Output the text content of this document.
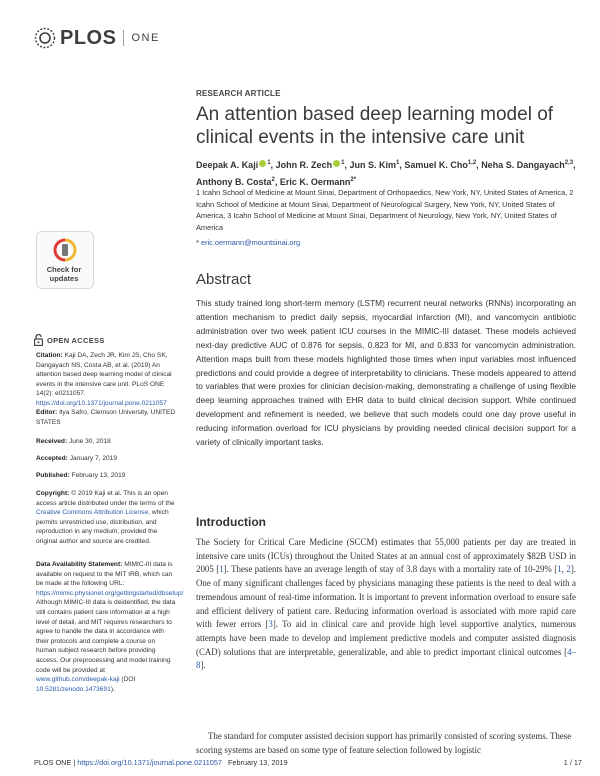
PLOS ONE
RESEARCH ARTICLE
An attention based deep learning model of clinical events in the intensive care unit
Deepak A. Kaji $^1$, John R. Zech $^1$, Jun S. Kim$^1$, Samuel K. Cho$^{1,2}$, Neha S. Dangayach$^{2,3}$, Anthony B. Costa$^2$, Eric K. Oermann$^{2*}$
1 Icahn School of Medicine at Mount Sinai, Department of Orthopaedics, New York, NY, United States of America, 2 Icahn School of Medicine at Mount Sinai, Department of Neurological Surgery, New York, NY, United States of America, 3 Icahn School of Medicine at Mount Sinai, Department of Neurology, New York, NY, United States of America
* eric.oermann@mountsinai.org
Abstract

This study trained long short-term memory (LSTM) recurrent neural networks (RNNs) incorporating an attention mechanism to predict daily sepsis, myocardial infarction (MI), and vancomycin antibiotic administration over two week patient ICU courses in the MIMIC-III dataset. These models achieved next-day predictive AUC of 0.876 for sepsis, 0.823 for MI, and 0.833 for vancomycin administration. Attention maps built from these models highlighted those times when input variables most influenced predictions and could provide a degree of interpretability to clinicians. These models appeared to attend to variables that were proxies for clinician decision-making, demonstrating a challenge of using flexible deep learning approaches trained with EHR data to build clinical decision support. While continued development and refinement is needed, we believe that such models could one day prove useful in reducing information overload for ICU physicians by providing needed clinical decision support for a variety of clinically important tasks.

Introduction

The Society for Critical Care Medicine (SCCM) estimates that 55,000 patients per day are treated in intensive care units (ICUs) throughout the United States at an annual cost of approximately $82B USD in 2005 [1]. These patients have an average length of stay of 3.8 days with a mortality rate of 10-29% [1, 2]. One of many significant challenges faced by physicians managing these patients is the need to deal with a tremendous amount of real-time information. It is important to prevent information overload to ensure safe and efficient delivery of patient care. Reducing information overload is associated with more rapid care with fewer errors [3]. To aid in clinical care and provide high level supportive analytics, numerous attempts have been made to develop and implement predictive models and computer assisted diagnosis (CAD) solutions that are interpretable, generalizable, and able to predict important clinical outcomes [4–8].

The standard for computer assisted decision support has primarily consisted of scoring systems. These scoring systems are based on some type of feature selection followed by logistic

Check for updates
OPEN ACCESS
Citation: Kaji DA, Zech JR, Kim JS, Cho SK, Dangayach NS, Costa AB, et al. (2019) An attention based deep learning model of clinical events in the intensive care unit. PLoS ONE 14(2): e0211057. https://doi.org/10.1371/journal.pone.0211057
Editor: Ilya Safro, Clemson University, UNITED STATES
Received: June 30, 2018
Accepted: January 7, 2019
Published: February 13, 2019
Copyright: © 2019 Kaji et al. This is an open access article distributed under the terms of the Creative Commons Attribution License, which permits unrestricted use, distribution, and reproduction in any medium, provided the original author and source are credited.
Data Availability Statement: MIMIC-III data is available on request to the MIT IRB, which can be made at the following URL: https://mimic.physionet.org/gettingstarted/dbsetup/ Although MIMIC-III data is deidentified, the data still contains patient care information at a high level of detail, and MIT requires researchers to agree to handle the data in accordance with their protocols and complete a course on human subject research before providing access. Our preprocessing and model training code will be provided at www.github.com/deepak-kaji (DOI 10.5281/zenodo.1473691).
PLOS ONE | https://doi.org/10.1371/journal.pone.0211057 February 13, 2019	1 / 17
